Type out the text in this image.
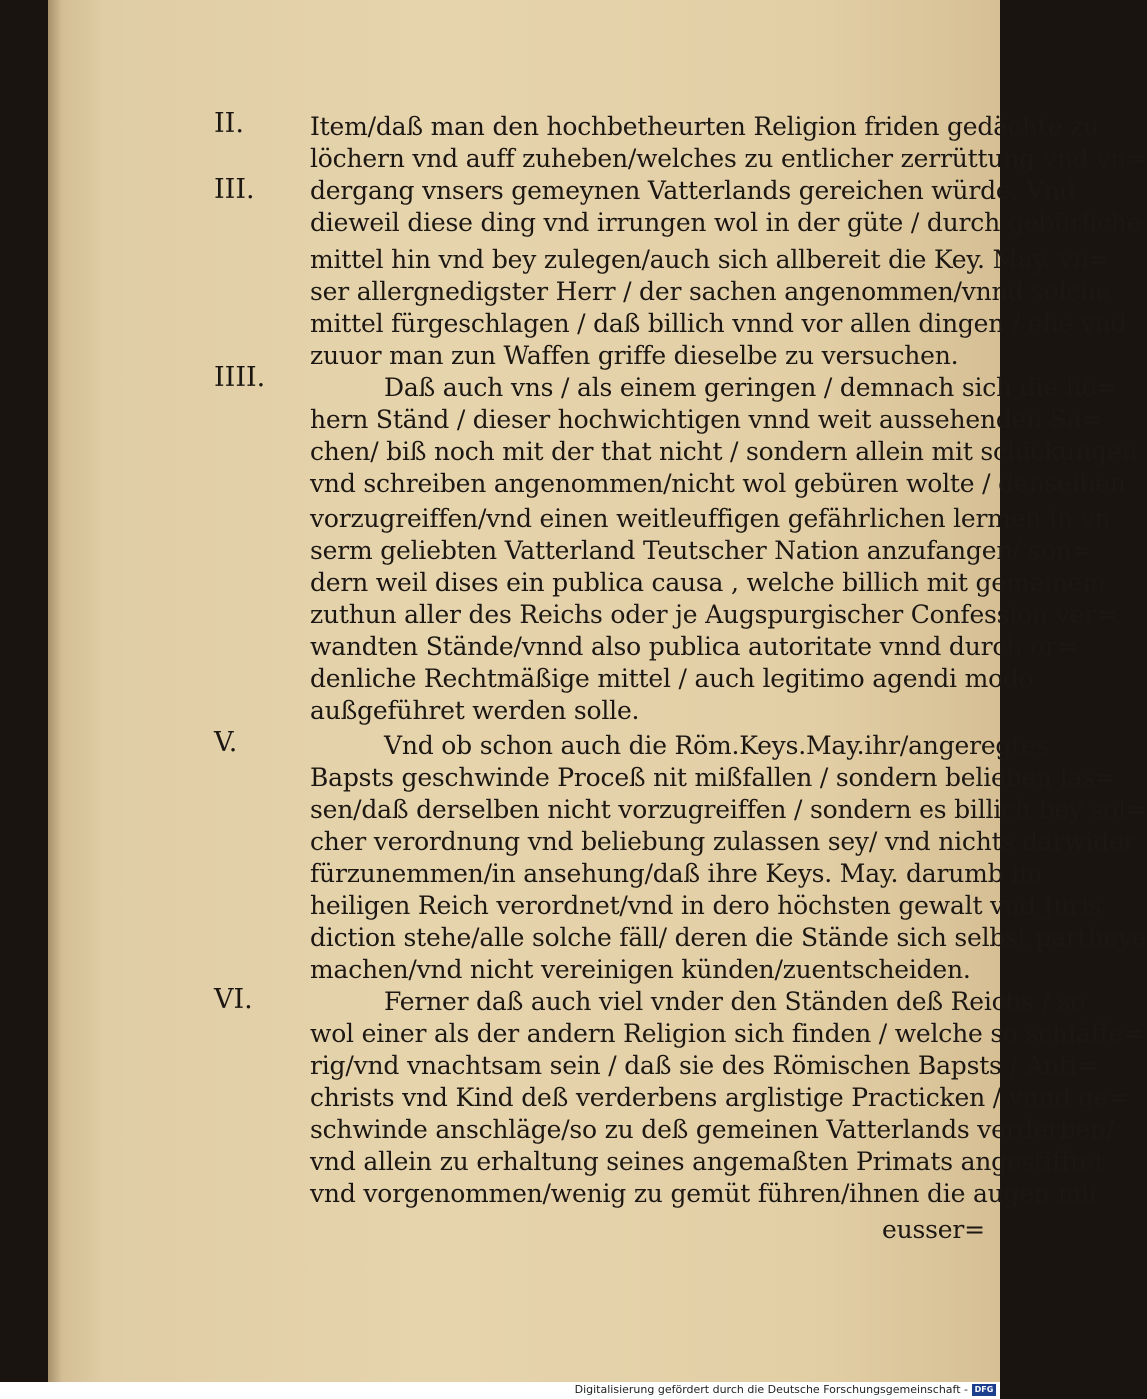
II.
III.
IIII.
V.
VI.
Item/daß man den hochbetheurten Religion friden gedächte zu
löchern vnd auff zuheben/welches zu entlicher zerrüttung vnd vn=
dergang vnsers gemeynen Vatterlands gereichen würde. Vnd
dieweil diese ding vnd irrungen wol in der güte / durch gebürliche
mittel hin vnd bey zulegen/auch sich allbereit die Key. May. vn=
ser allergnedigster Herr / der sachen angenommen/vnnd solche
mittel fürgeschlagen / daß billich vnnd vor allen dingen / ehe vnd
zuuor man zun Waffen griffe dieselbe zu versuchen.
Daß auch vns / als einem geringen / demnach sich die hö=
hern Ständ / dieser hochwichtigen vnnd weit aussehenden Sa=
chen/ biß noch mit der that nicht / sondern allein mit schickungen
vnd schreiben angenommen/nicht wol gebüren wolte / denselben
vorzugreiffen/vnd einen weitleuffigen gefährlichen lermen in vn
serm geliebten Vatterland Teutscher Nation anzufangen/ son=
dern weil dises ein publica causa , welche billich mit gemeinem
zuthun aller des Reichs oder je Augspurgischer Confession ver=
wandten Stände/vnnd also publica autoritate vnnd durch or=
denliche Rechtmäßige mittel / auch legitimo agendi modo
außgeführet werden solle.
Vnd ob schon auch die Röm.Keys.May.ihr/angeregtes
Bapsts geschwinde Proceß nit mißfallen / sondern belieben las=
sen/daß derselben nicht vorzugreiffen / sondern es billich bey sol=
cher verordnung vnd beliebung zulassen sey/ vnd nichts darwider
fürzunemmen/in ansehung/daß ihre Keys. May. darumb im
heiligen Reich verordnet/vnd in dero höchsten gewalt vnd Juris
diction stehe/alle solche fäll/ deren die Stände sich selbst partheye
machen/vnd nicht vereinigen künden/zuentscheiden.
Ferner daß auch viel vnder den Ständen deß Reichs / so
wol einer als der andern Religion sich finden / welche so schläffe=
rig/vnd vnachtsam sein / daß sie des Römischen Bapsts / Anti=
christs vnd Kind deß verderbens arglistige Practicken / vnnd ge=
schwinde anschläge/so zu deß gemeinen Vatterlands verderben/
vnd allein zu erhaltung seines angemaßten Primats angestifftet
vnd vorgenommen/wenig zu gemüt führen/ihnen die augen mit
eusser=
Digitalisierung gefördert durch die Deutsche Forschungsgemeinschaft - DFG
